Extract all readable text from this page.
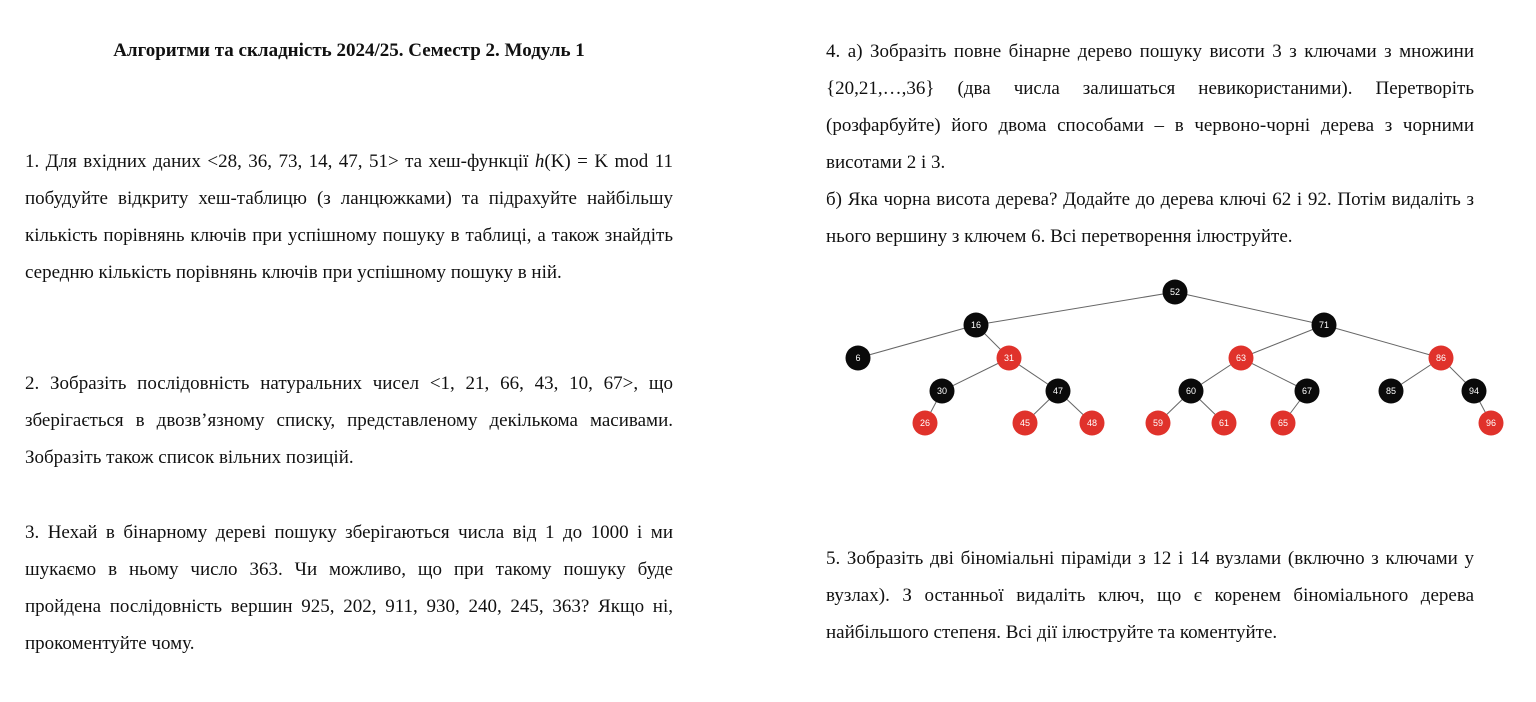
Алгоритми та складність 2024/25. Семестр 2. Модуль 1

1. Для вхідних даних <28, 36, 73, 14, 47, 51> та хеш-функції h(K) = K mod 11 побудуйте відкриту хеш-таблицю (з ланцюжками) та підрахуйте найбільшу кількість порівнянь ключів при успішному пошуку в таблиці, а також знайдіть середню кількість порівнянь ключів при успішному пошуку в ній.

2. Зобразіть послідовність натуральних чисел <1, 21, 66, 43, 10, 67>, що зберігається в двозв’язному списку, представленому декількома масивами. Зобразіть також список вільних позицій.

3. Нехай в бінарному дереві пошуку зберігаються числа від 1 до 1000 і ми шукаємо в ньому число 363. Чи можливо, що при такому пошуку буде пройдена послідовність вершин 925, 202, 911, 930, 240, 245, 363? Якщо ні, прокоментуйте чому.

4. а) Зобразіть повне бінарне дерево пошуку висоти 3 з ключами з множини {20,21,…,36} (два числа залишаться невикористаними). Перетворіть (розфарбуйте) його двома способами – в червоно-чорні дерева з чорними висотами 2 і 3.

б) Яка чорна висота дерева? Додайте до дерева ключі 62 і 92. Потім видаліть з нього вершину з ключем 6. Всі перетворення ілюструйте.

5. Зобразіть дві біноміальні піраміди з 12 і 14 вузлами (включно з ключами у вузлах). З останньої видаліть ключ, що є коренем біноміального дерева найбільшого степеня. Всі дії ілюструйте та коментуйте.

52
16	71
6	31	63	86
30	47	60	67	85	94
26	45	48	59	61	65	96
